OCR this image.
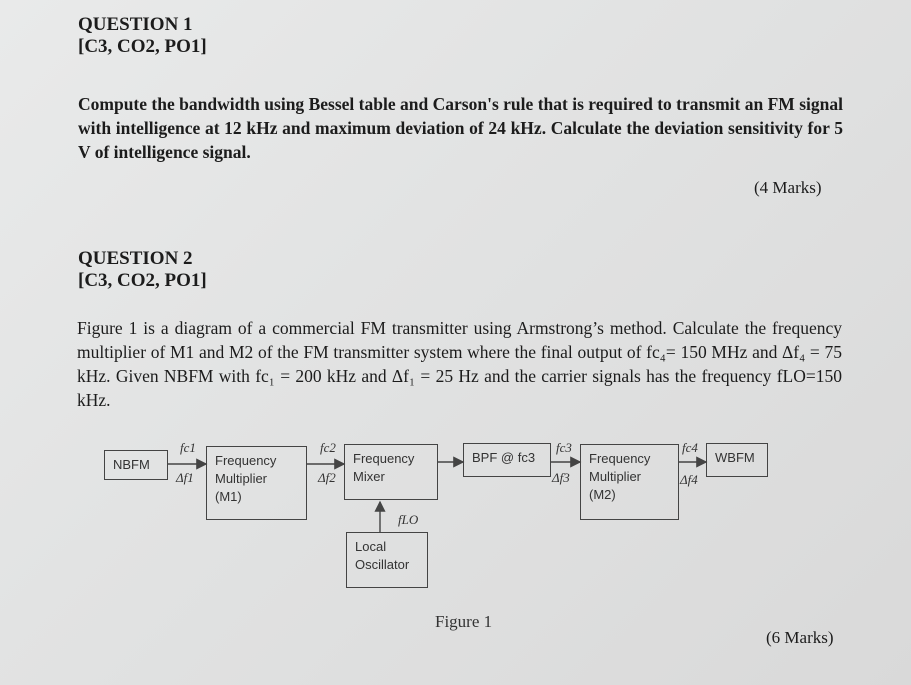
QUESTION 1
[C3, CO2, PO1]

Compute the bandwidth using Bessel table and Carson's rule that is required to transmit an FM signal with intelligence at 12 kHz and maximum deviation of 24 kHz. Calculate the deviation sensitivity for 5 V of intelligence signal.

(4 Marks)
QUESTION 2
[C3, CO2, PO1]

Figure 1 is a diagram of a commercial FM transmitter using Armstrong’s method. Calculate the frequency multiplier of M1 and M2 of the FM transmitter system where the final output of fc₄= 150 MHz and Δf₄ = 75 kHz. Given NBFM with fc₁ = 200 kHz and Δf₁ = 25 Hz and the carrier signals has the frequency fLO=150 kHz.

NBFM	Frequency
Multiplier
(M1)
Frequency
Mixer
BPF @ fc3	Frequency
Multiplier
(M2)
WBFM
Local
Oscillator
fc1
Δf1
fc2
Δf2
fc3
Δf3
fc4
Δf4
fLO
Figure 1
(6 Marks)
